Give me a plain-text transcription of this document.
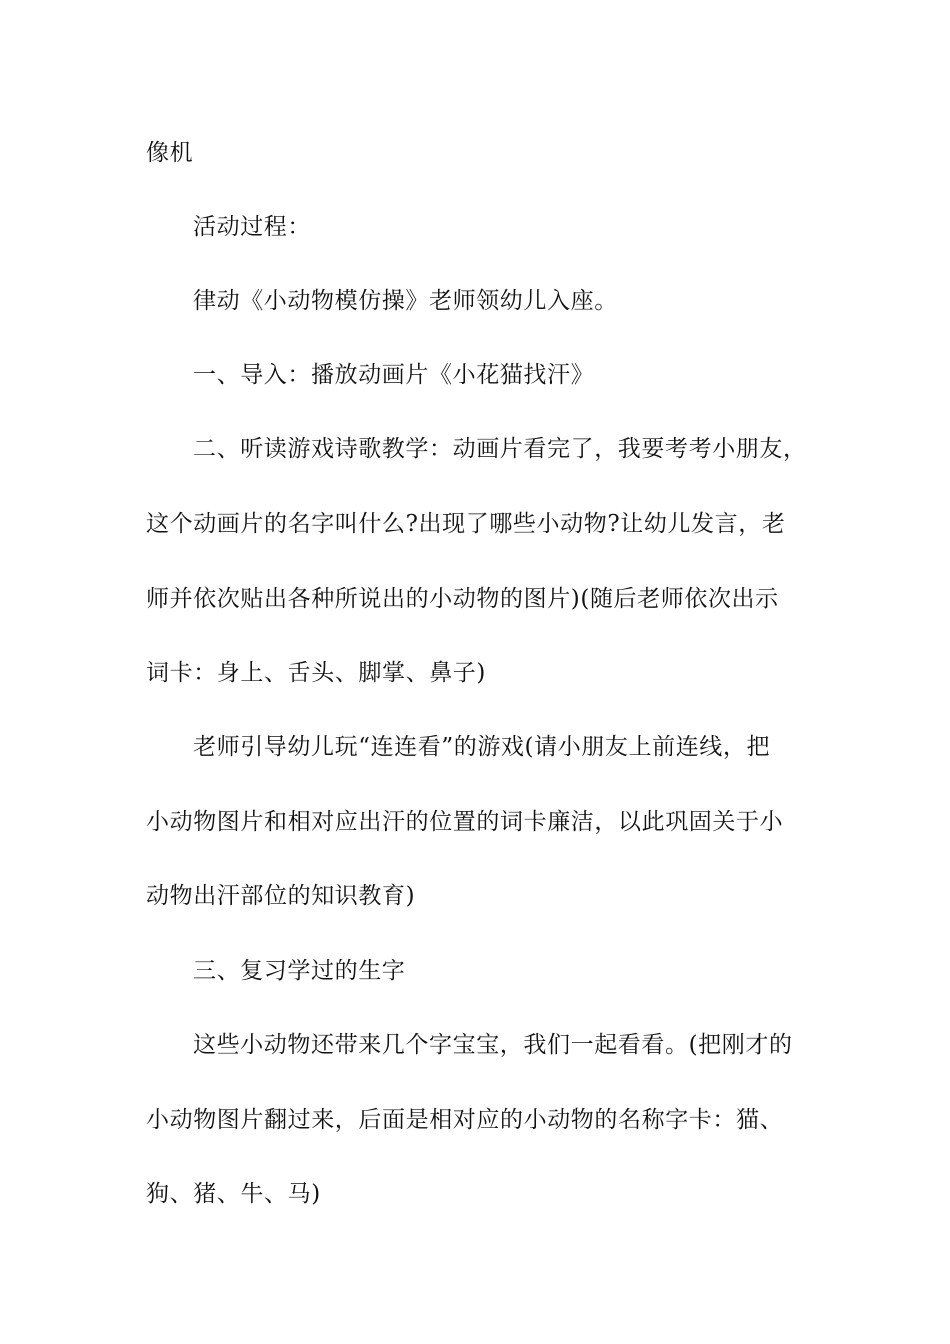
像机
活动过程：
律动《小动物模仿操》老师领幼儿入座。
一、导入：播放动画片《小花猫找汗》
二、听读游戏诗歌教学：动画片看完了，我要考考小朋友，
这个动画片的名字叫什么?出现了哪些小动物?让幼儿发言，老
师并依次贴出各种所说出的小动物的图片)(随后老师依次出示
词卡：身上、舌头、脚掌、鼻子)
老师引导幼儿玩“连连看”的游戏(请小朋友上前连线，把
小动物图片和相对应出汗的位置的词卡廉洁，以此巩固关于小
动物出汗部位的知识教育)
三、复习学过的生字
这些小动物还带来几个字宝宝，我们一起看看。(把刚才的
小动物图片翻过来，后面是相对应的小动物的名称字卡：猫、
狗、猪、牛、马)
